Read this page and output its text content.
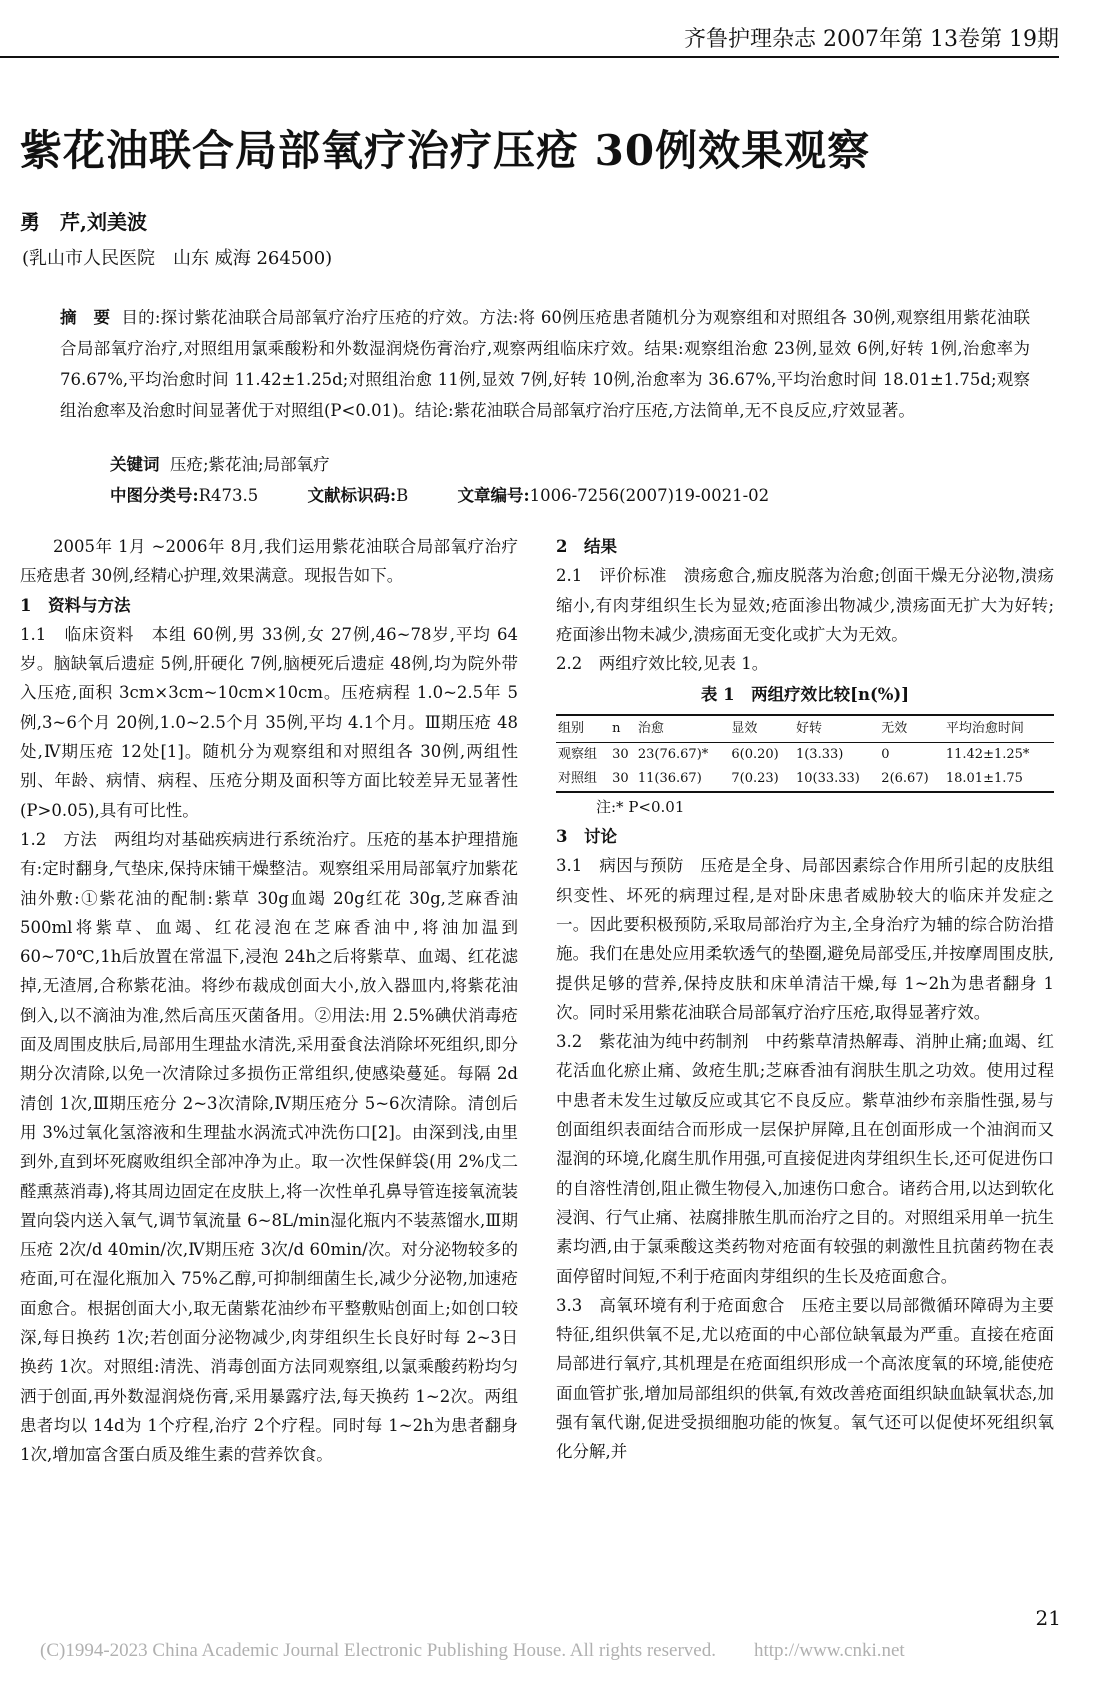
齐鲁护理杂志 2007年第 13卷第 19期
紫花油联合局部氧疗治疗压疮 30例效果观察
勇　芹,刘美波
(乳山市人民医院　山东 威海 264500)
摘　要 目的:探讨紫花油联合局部氧疗治疗压疮的疗效。方法:将 60例压疮患者随机分为观察组和对照组各 30例,观察组用紫花油联合局部氧疗治疗,对照组用氯乘酸粉和外数湿润烧伤膏治疗,观察两组临床疗效。结果:观察组治愈 23例,显效 6例,好转 1例,治愈率为 76.67%,平均治愈时间 11.42±1.25d;对照组治愈 11例,显效 7例,好转 10例,治愈率为 36.67%,平均治愈时间 18.01±1.75d;观察组治愈率及治愈时间显著优于对照组(P<0.01)。结论:紫花油联合局部氧疗治疗压疮,方法简单,无不良反应,疗效显著。
关键词 压疮;紫花油;局部氧疗
中图分类号:R473.5	文献标识码:B	文章编号:1006-7256(2007)19-0021-02

2005年 1月 ~2006年 8月,我们运用紫花油联合局部氧疗治疗压疮患者 30例,经精心护理,效果满意。现报告如下。

1　资料与方法

1.1　临床资料　本组 60例,男 33例,女 27例,46~78岁,平均 64岁。脑缺氧后遗症 5例,肝硬化 7例,脑梗死后遗症 48例,均为院外带入压疮,面积 3cm×3cm~10cm×10cm。压疮病程 1.0~2.5年 5例,3~6个月 20例,1.0~2.5个月 35例,平均 4.1个月。Ⅲ期压疮 48处,Ⅳ期压疮 12处[1]。随机分为观察组和对照组各 30例,两组性别、年龄、病情、病程、压疮分期及面积等方面比较差异无显著性(P>0.05),具有可比性。

1.2　方法　两组均对基础疾病进行系统治疗。压疮的基本护理措施有:定时翻身,气垫床,保持床铺干燥整洁。观察组采用局部氧疗加紫花油外敷:①紫花油的配制:紫草 30g血竭 20g红花 30g,芝麻香油 500ml将紫草、血竭、红花浸泡在芝麻香油中,将油加温到 60~70℃,1h后放置在常温下,浸泡 24h之后将紫草、血竭、红花滤掉,无渣屑,合称紫花油。将纱布裁成创面大小,放入器皿内,将紫花油倒入,以不滴油为准,然后高压灭菌备用。②用法:用 2.5%碘伏消毒疮面及周围皮肤后,局部用生理盐水清洗,采用蚕食法消除坏死组织,即分期分次清除,以免一次清除过多损伤正常组织,使感染蔓延。每隔 2d清创 1次,Ⅲ期压疮分 2~3次清除,Ⅳ期压疮分 5~6次清除。清创后用 3%过氧化氢溶液和生理盐水涡流式冲洗伤口[2]。由深到浅,由里到外,直到坏死腐败组织全部冲净为止。取一次性保鲜袋(用 2%戊二醛熏蒸消毒),将其周边固定在皮肤上,将一次性单孔鼻导管连接氧流装置向袋内送入氧气,调节氧流量 6~8L/min湿化瓶内不装蒸馏水,Ⅲ期压疮 2次/d 40min/次,Ⅳ期压疮 3次/d 60min/次。对分泌物较多的疮面,可在湿化瓶加入 75%乙醇,可抑制细菌生长,减少分泌物,加速疮面愈合。根据创面大小,取无菌紫花油纱布平整敷贴创面上;如创口较深,每日换药 1次;若创面分泌物减少,肉芽组织生长良好时每 2~3日换药 1次。对照组:清洗、消毒创面方法同观察组,以氯乘酸药粉均匀洒于创面,再外数湿润烧伤膏,采用暴露疗法,每天换药 1~2次。两组患者均以 14d为 1个疗程,治疗 2个疗程。同时每 1~2h为患者翻身 1次,增加富含蛋白质及维生素的营养饮食。

2　结果

2.1　评价标准　溃疡愈合,痂皮脱落为治愈;创面干燥无分泌物,溃疡缩小,有肉芽组织生长为显效;疮面渗出物减少,溃疡面无扩大为好转;疮面渗出物未减少,溃疡面无变化或扩大为无效。

2.2　两组疗效比较,见表 1。

表 1　两组疗效比较[n(%)]
组别	n	治愈	显效	好转	无效	平均治愈时间
观察组	30	23(76.67)*	6(0.20)	1(3.33)	0	11.42±1.25*
对照组	30	11(36.67)	7(0.23)	10(33.33)	2(6.67)	18.01±1.75

注:* P<0.01

3　讨论

3.1　病因与预防　压疮是全身、局部因素综合作用所引起的皮肤组织变性、坏死的病理过程,是对卧床患者威胁较大的临床并发症之一。因此要积极预防,采取局部治疗为主,全身治疗为辅的综合防治措施。我们在患处应用柔软透气的垫圈,避免局部受压,并按摩周围皮肤,提供足够的营养,保持皮肤和床单清洁干燥,每 1~2h为患者翻身 1次。同时采用紫花油联合局部氧疗治疗压疮,取得显著疗效。

3.2　紫花油为纯中药制剂　中药紫草清热解毒、消肿止痛;血竭、红花活血化瘀止痛、敛疮生肌;芝麻香油有润肤生肌之功效。使用过程中患者未发生过敏反应或其它不良反应。紫草油纱布亲脂性强,易与创面组织表面结合而形成一层保护屏障,且在创面形成一个油润而又湿润的环境,化腐生肌作用强,可直接促进肉芽组织生长,还可促进伤口的自溶性清创,阻止微生物侵入,加速伤口愈合。诸药合用,以达到软化浸润、行气止痛、祛腐排脓生肌而治疗之目的。对照组采用单一抗生素均洒,由于氯乘酸这类药物对疮面有较强的刺激性且抗菌药物在表面停留时间短,不利于疮面肉芽组织的生长及疮面愈合。

3.3　高氧环境有利于疮面愈合　压疮主要以局部微循环障碍为主要特征,组织供氧不足,尤以疮面的中心部位缺氧最为严重。直接在疮面局部进行氧疗,其机理是在疮面组织形成一个高浓度氧的环境,能使疮面血管扩张,增加局部组织的供氧,有效改善疮面组织缺血缺氧状态,加强有氧代谢,促进受损细胞功能的恢复。氧气还可以促使坏死组织氧化分解,并

21
(C)1994-2023 China Academic Journal Electronic Publishing House. All rights reserved.　　http://www.cnki.net
